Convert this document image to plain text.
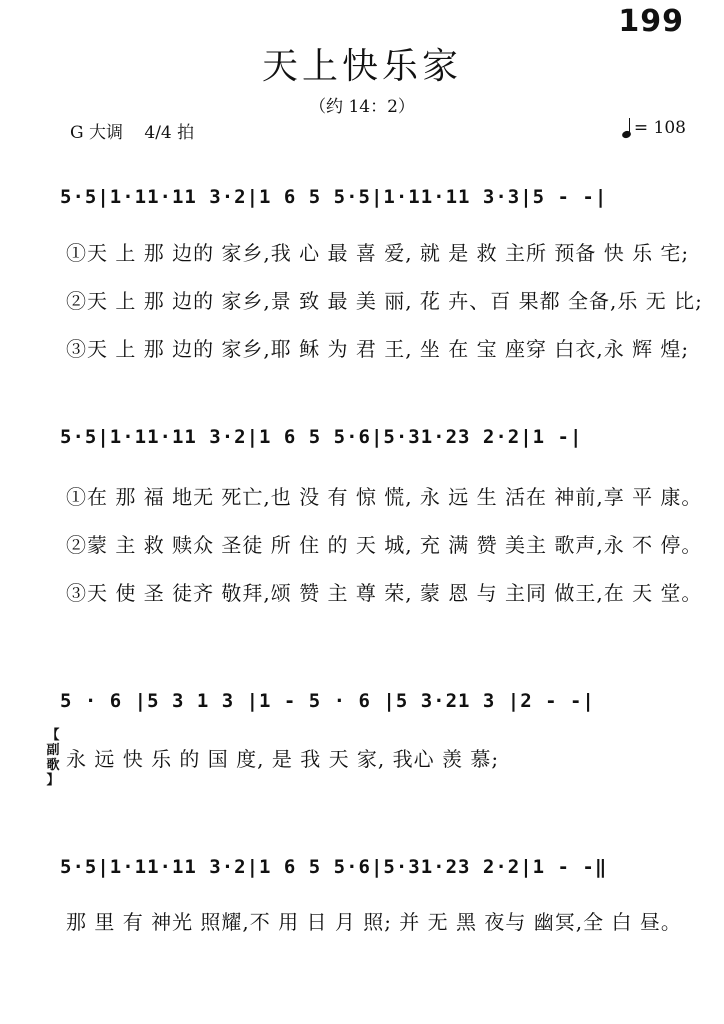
199
天上快乐家
（约 14：2）
G 大调 4/4 拍	= 108
5·5|1·11·11 3·2|1 6 5 5·5|1·11·11 3·3|5 - -|
①天 上 那 边的 家乡,我 心 最 喜 爱, 就 是 救 主所 预备 快 乐 宅;
②天 上 那 边的 家乡,景 致 最 美 丽, 花 卉、百 果都 全备,乐 无 比;
③天 上 那 边的 家乡,耶 稣 为 君 王, 坐 在 宝 座穿 白衣,永 辉 煌;
5·5|1·11·11 3·2|1 6 5 5·6|5·31·23 2·2|1 -|
①在 那 福 地无 死亡,也 没 有 惊 慌, 永 远 生 活在 神前,享 平 康。
②蒙 主 救 赎众 圣徒 所 住 的 天 城, 充 满 赞 美主 歌声,永 不 停。
③天 使 圣 徒齐 敬拜,颂 赞 主 尊 荣, 蒙 恩 与 主同 做王,在 天 堂。
5 · 6 |5 3 1 3 |1 - 5 · 6 |5 3·21 3 |2 - -|
【
副
歌
】
永 远 快 乐 的 国 度, 是 我 天 家, 我心 羡 慕;
5·5|1·11·11 3·2|1 6 5 5·6|5·31·23 2·2|1 - -‖
那 里 有 神光 照耀,不 用 日 月 照; 并 无 黑 夜与 幽冥,全 白 昼。
